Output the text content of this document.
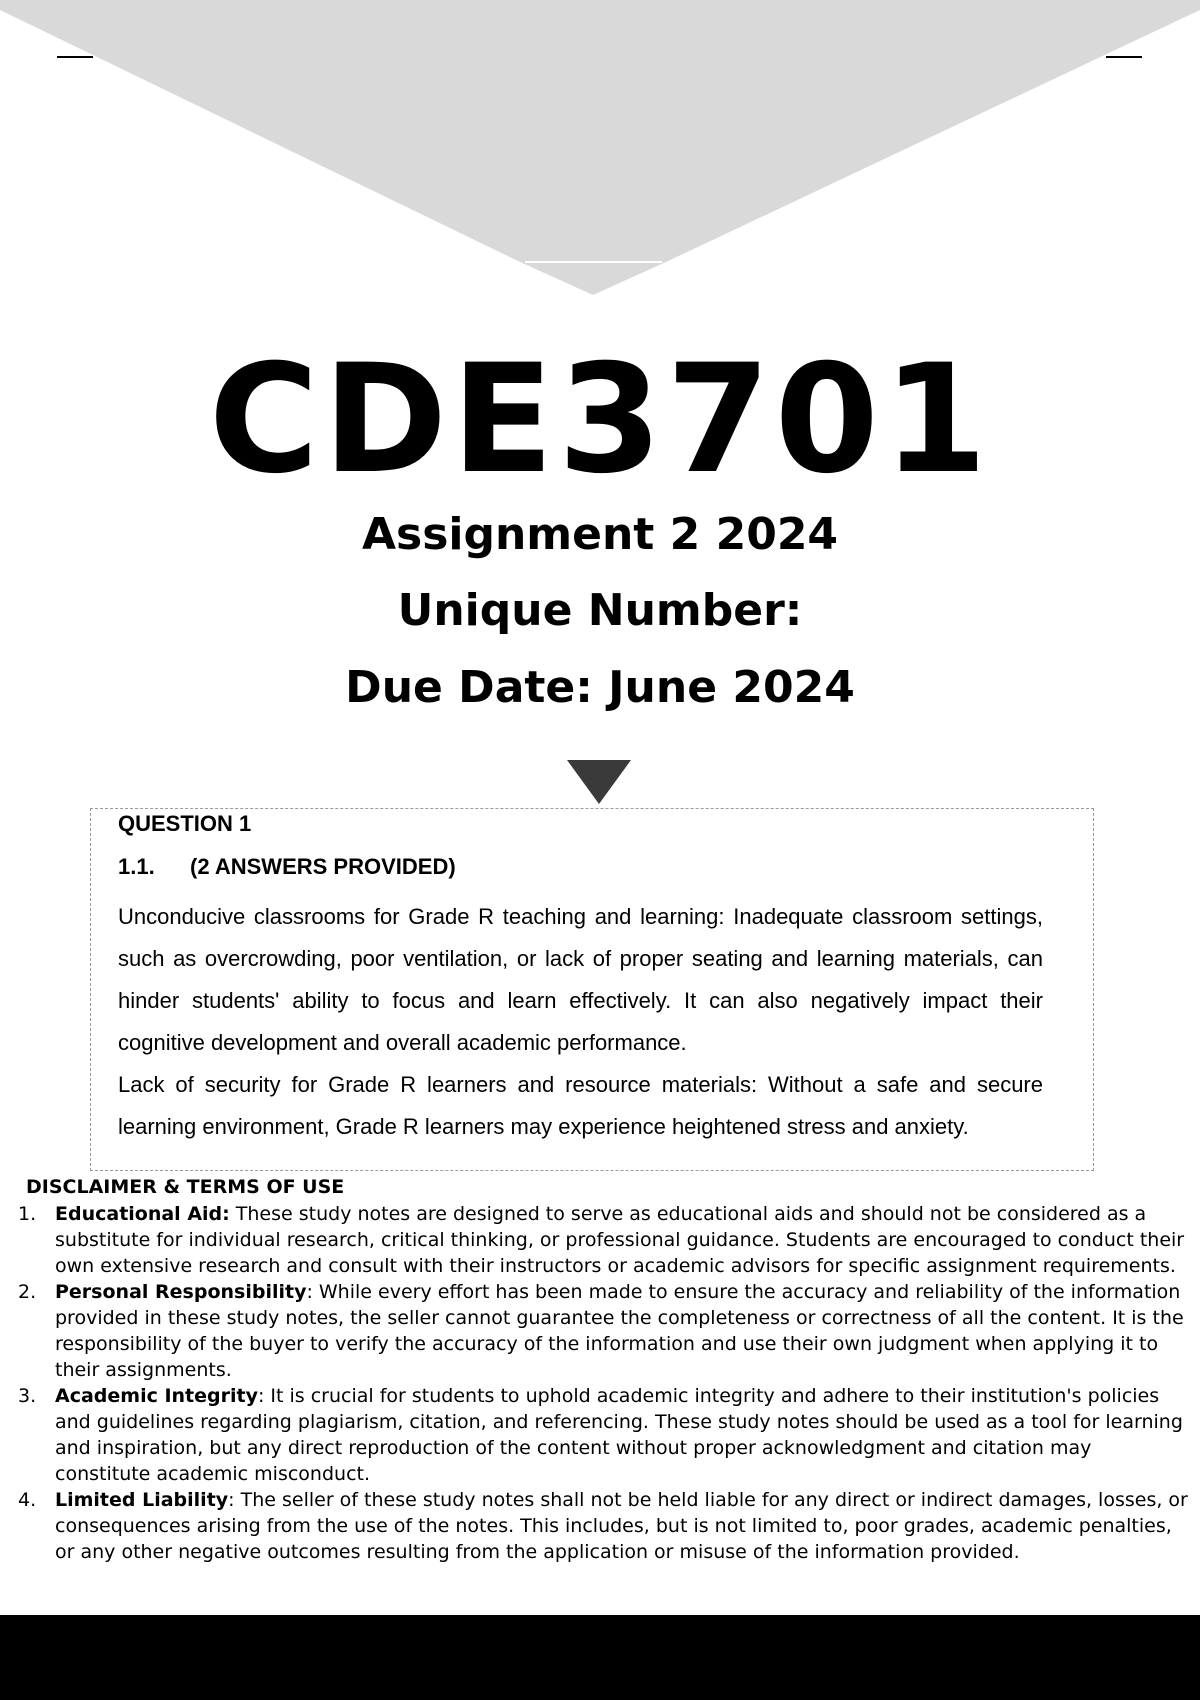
CDE3701
Assignment 2 2024
Unique Number:
Due Date: June 2024
QUESTION 1
1.1. (2 ANSWERS PROVIDED)

Unconducive classrooms for Grade R teaching and learning: Inadequate classroom settings, such as overcrowding, poor ventilation, or lack of proper seating and learning materials, can hinder students' ability to focus and learn effectively. It can also negatively impact their cognitive development and overall academic performance.

Lack of security for Grade R learners and resource materials: Without a safe and secure learning environment, Grade R learners may experience heightened stress and anxiety.

DISCLAIMER & TERMS OF USE
1. Educational Aid: These study notes are designed to serve as educational aids and should not be considered as a substitute for individual research, critical thinking, or professional guidance. Students are encouraged to conduct their own extensive research and consult with their instructors or academic advisors for specific assignment requirements.
2. Personal Responsibility: While every effort has been made to ensure the accuracy and reliability of the information provided in these study notes, the seller cannot guarantee the completeness or correctness of all the content. It is the responsibility of the buyer to verify the accuracy of the information and use their own judgment when applying it to their assignments.
3. Academic Integrity: It is crucial for students to uphold academic integrity and adhere to their institution's policies and guidelines regarding plagiarism, citation, and referencing. These study notes should be used as a tool for learning and inspiration, but any direct reproduction of the content without proper acknowledgment and citation may constitute academic misconduct.
4. Limited Liability: The seller of these study notes shall not be held liable for any direct or indirect damages, losses, or consequences arising from the use of the notes. This includes, but is not limited to, poor grades, academic penalties, or any other negative outcomes resulting from the application or misuse of the information provided.
